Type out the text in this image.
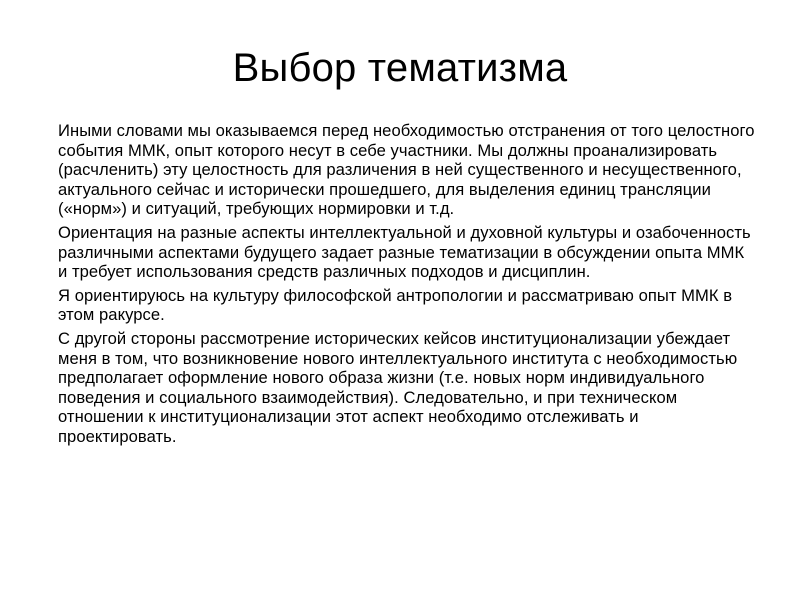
Выбор тематизма

Иными словами мы оказываемся перед необходимостью отстранения от того целостного события ММК, опыт которого несут в себе участники. Мы должны проанализировать (расчленить) эту целостность для различения в ней существенного и несущественного, актуального сейчас и исторически прошедшего, для выделения единиц трансляции («норм») и ситуаций, требующих нормировки и т.д.

Ориентация на разные аспекты интеллектуальной и духовной культуры и озабоченность различными аспектами будущего задает разные тематизации в обсуждении опыта ММК и требует использования средств различных подходов и дисциплин.

Я ориентируюсь на культуру философской антропологии и рассматриваю опыт ММК в этом ракурсе.

С другой стороны рассмотрение исторических кейсов институционализации убеждает меня в том, что возникновение нового интеллектуального института с необходимостью предполагает оформление нового образа жизни (т.е. новых норм индивидуального поведения и социального взаимодействия). Следовательно, и при техническом отношении к институционализации этот аспект необходимо отслеживать и проектировать.
